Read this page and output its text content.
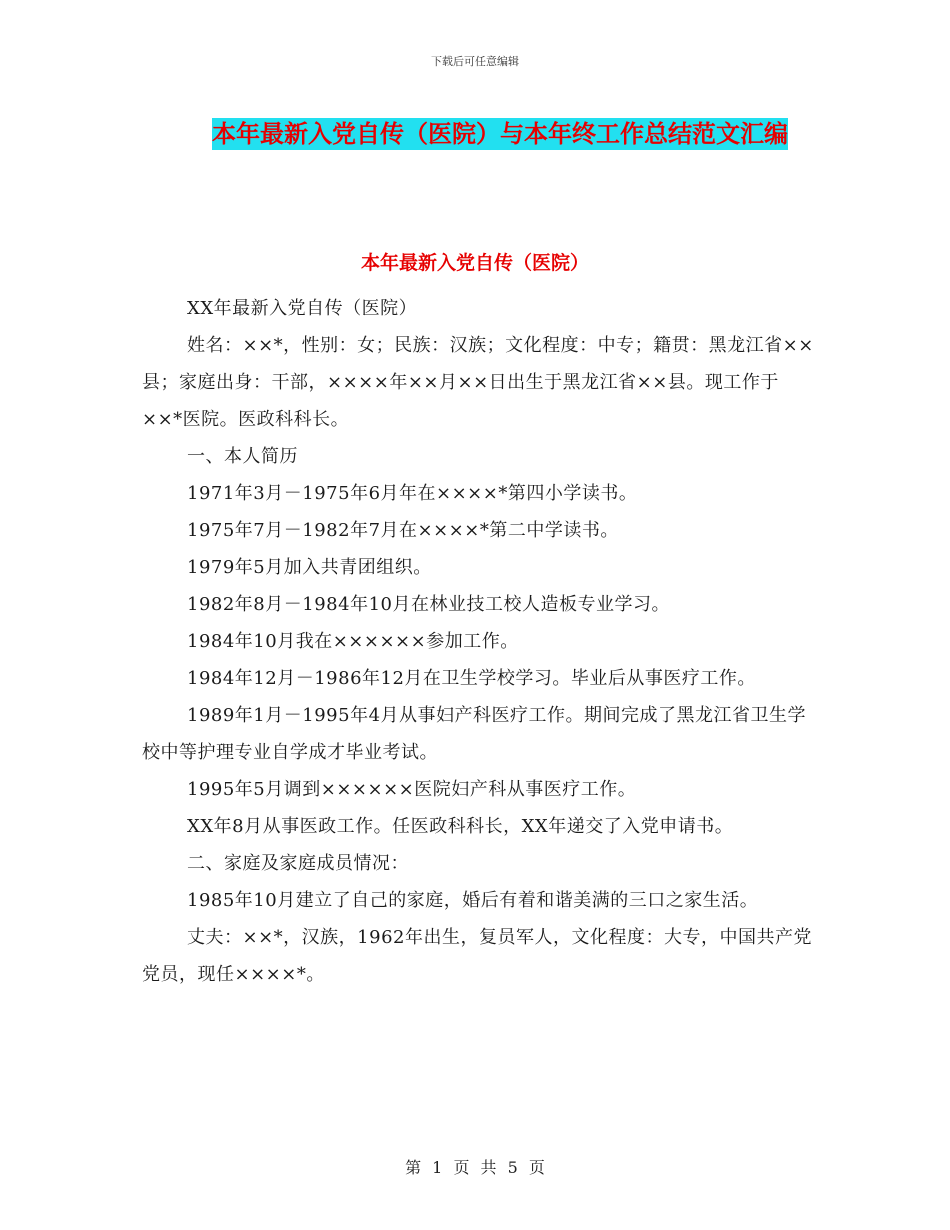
下载后可任意编辑
本年最新入党自传（医院）与本年终工作总结范文汇编
本年最新入党自传（医院）

XX年最新入党自传（医院）

姓名：××*，性别：女；民族：汉族；文化程度：中专；籍贯：黑龙江省××县；家庭出身：干部，××××年××月××日出生于黑龙江省××县。现工作于××*医院。医政科科长。

一、本人简历

1971年3月－1975年6月年在××××*第四小学读书。

1975年7月－1982年7月在××××*第二中学读书。

1979年5月加入共青团组织。

1982年8月－1984年10月在林业技工校人造板专业学习。

1984年10月我在××××××参加工作。

1984年12月－1986年12月在卫生学校学习。毕业后从事医疗工作。

1989年1月－1995年4月从事妇产科医疗工作。期间完成了黑龙江省卫生学校中等护理专业自学成才毕业考试。

1995年5月调到××××××医院妇产科从事医疗工作。

XX年8月从事医政工作。任医政科科长，XX年递交了入党申请书。

二、家庭及家庭成员情况：

1985年10月建立了自己的家庭，婚后有着和谐美满的三口之家生活。

丈夫：××*，汉族，1962年出生，复员军人，文化程度：大专，中国共产党党员，现任××××*。

第 1 页 共 5 页
